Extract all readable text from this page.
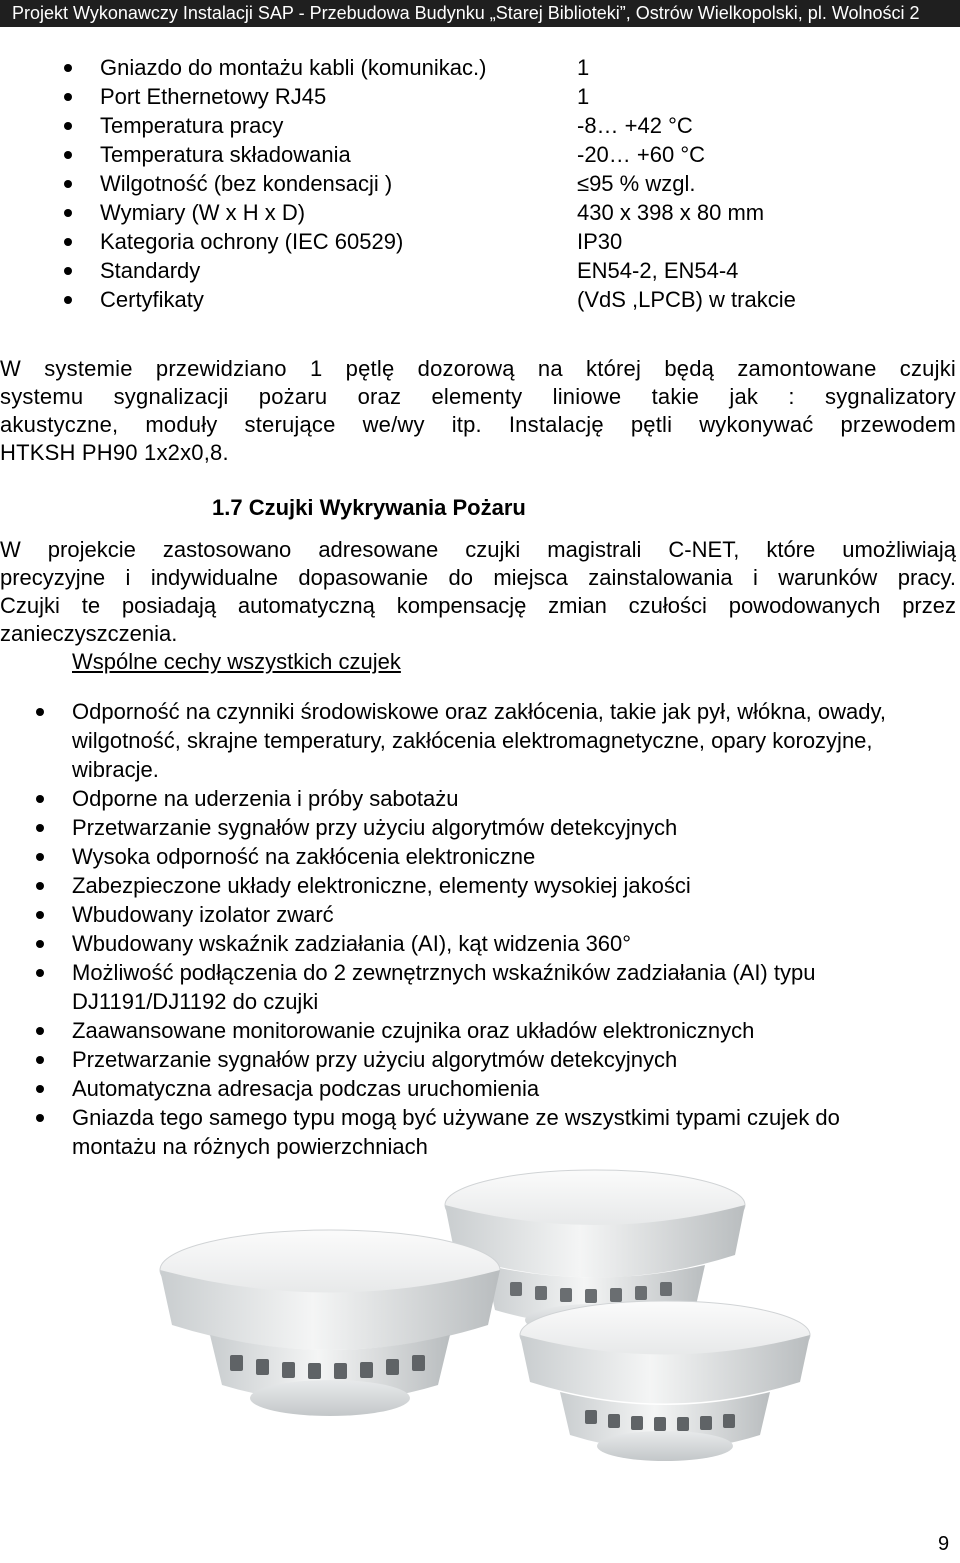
Projekt Wykonawczy Instalacji SAP - Przebudowa Budynku „Starej Biblioteki”, Ostrów Wielkopolski, pl. Wolności 2
Gniazdo do montażu kabli (komunikac.)	1
Port Ethernetowy RJ45	1
Temperatura pracy	-8… +42 °C
Temperatura składowania	-20… +60 °C
Wilgotność (bez kondensacji )	≤95 % wzgl.
Wymiary (W x H x D)	430 x 398 x 80 mm
Kategoria ochrony (IEC 60529)	IP30
Standardy	EN54-2, EN54-4
Certyfikaty	(VdS ,LPCB) w trakcie

W systemie przewidziano 1 pętlę dozorową na której będą zamontowane czujki
systemu sygnalizacji pożaru oraz elementy liniowe takie jak : sygnalizatory
akustyczne, moduły sterujące we/wy itp. Instalację pętli wykonywać przewodem
HTKSH PH90 1x2x0,8.

1.7 Czujki Wykrywania Pożaru

W projekcie zastosowano adresowane czujki magistrali C-NET, które umożliwiają
precyzyjne i indywidualne dopasowanie do miejsca zainstalowania i warunków pracy.
Czujki te posiadają automatyczną kompensację zmian czułości powodowanych przez
zanieczyszczenia.

Wspólne cechy wszystkich czujek

Odporność na czynniki środowiskowe oraz zakłócenia, takie jak pył, włókna, owady, wilgotność, skrajne temperatury, zakłócenia elektromagnetyczne, opary korozyjne, wibracje.
Odporne na uderzenia i próby sabotażu
Przetwarzanie sygnałów przy użyciu algorytmów detekcyjnych
Wysoka odporność na zakłócenia elektroniczne
Zabezpieczone układy elektroniczne, elementy wysokiej jakości
Wbudowany izolator zwarć
Wbudowany wskaźnik zadziałania (AI), kąt widzenia 360°
Możliwość podłączenia do 2 zewnętrznych wskaźników zadziałania (AI) typu DJ1191/DJ1192 do czujki
Zaawansowane monitorowanie czujnika oraz układów elektronicznych
Przetwarzanie sygnałów przy użyciu algorytmów detekcyjnych
Automatyczna adresacja podczas uruchomienia
Gniazda tego samego typu mogą być używane ze wszystkimi typami czujek do montażu na różnych powierzchniach
9
